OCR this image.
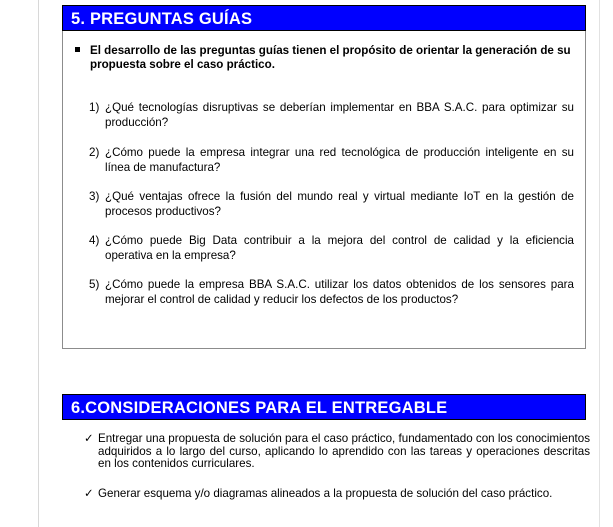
5. PREGUNTAS GUÍAS
El desarrollo de las preguntas guías tienen el propósito de orientar la generación de su propuesta sobre el caso práctico.
1) ¿Qué tecnologías disruptivas se deberían implementar en BBA S.A.C. para optimizar su producción?
2) ¿Cómo puede la empresa integrar una red tecnológica de producción inteligente en su línea de manufactura?
3) ¿Qué ventajas ofrece la fusión del mundo real y virtual mediante IoT en la gestión de procesos productivos?
4) ¿Cómo puede Big Data contribuir a la mejora del control de calidad y la eficiencia operativa en la empresa?
5) ¿Cómo puede la empresa BBA S.A.C. utilizar los datos obtenidos de los sensores para mejorar el control de calidad y reducir los defectos de los productos?
6.CONSIDERACIONES PARA EL ENTREGABLE
✓ Entregar una propuesta de solución para el caso práctico, fundamentado con los conocimientos adquiridos a lo largo del curso, aplicando lo aprendido con las tareas y operaciones descritas en los contenidos curriculares.
✓ Generar esquema y/o diagramas alineados a la propuesta de solución del caso práctico.
